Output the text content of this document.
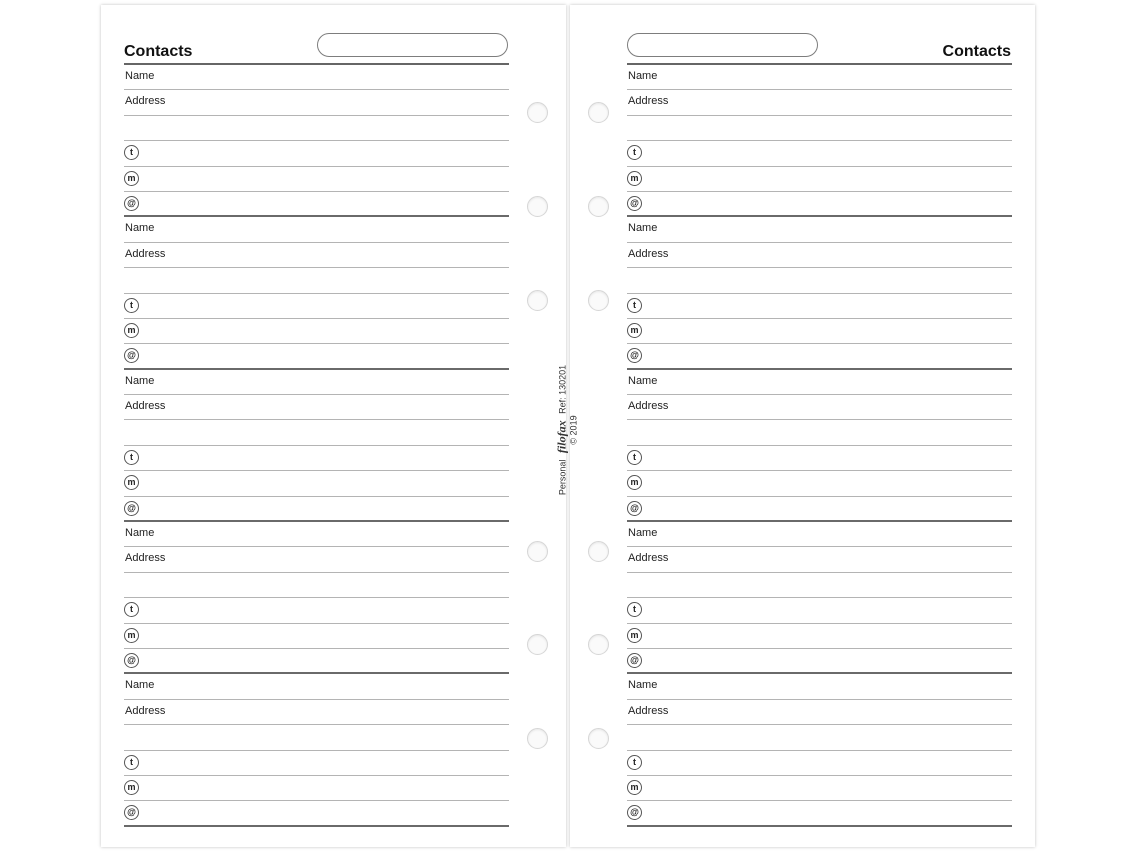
Contacts
Name
Address
t
m
@
Name
Address
t
m
@
Name
Address
t
m
@
Name
Address
t
m
@
Name
Address
t
m
@
Contacts
Name
Address
t
m
@
Name
Address
t
m
@
Name
Address
t
m
@
Name
Address
t
m
@
Name
Address
t
m
@
Personal filofax Ref: 130201
© 2019
